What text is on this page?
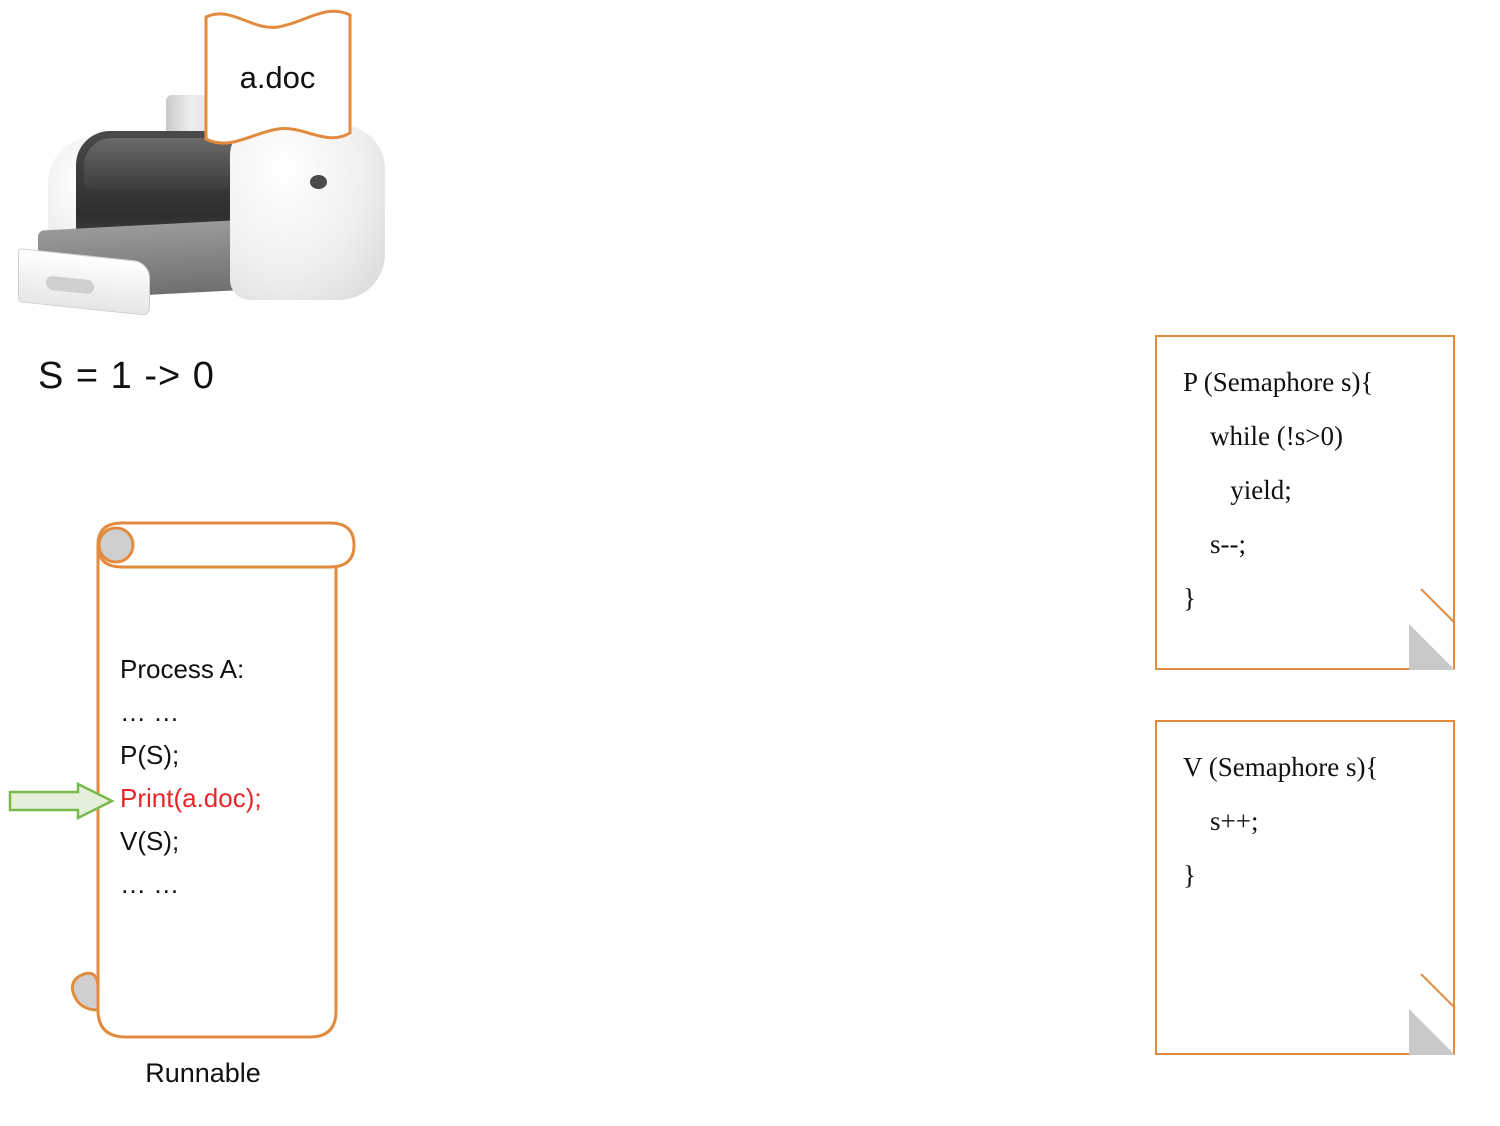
a.doc
S = 1 -> 0
Process A:
… …
P(S);
Print(a.doc);
V(S);
… …
Runnable
P (Semaphore s){
while (!s>0)
yield;
s--;
}
V (Semaphore s){
s++;
}
